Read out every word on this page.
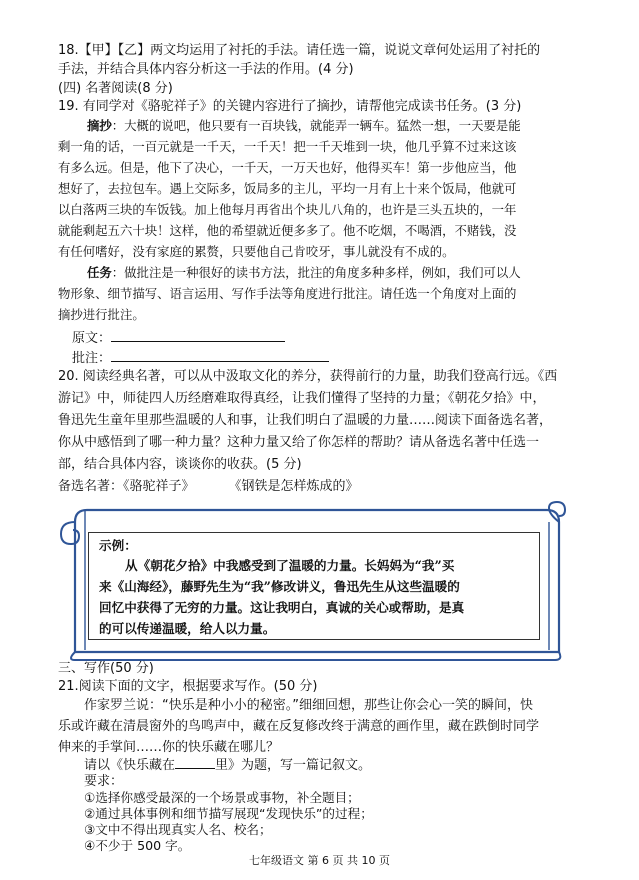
18.【甲】【乙】两文均运用了衬托的手法。请任选一篇，说说文章何处运用了衬托的
手法，并结合具体内容分析这一手法的作用。(4 分)
(四) 名著阅读(8 分)
19. 有同学对《骆驼祥子》的关键内容进行了摘抄，请帮他完成读书任务。(3 分)
摘抄：大概的说吧，他只要有一百块钱，就能弄一辆车。猛然一想，一天要是能
剩一角的话，一百元就是一千天，一千天！把一千天堆到一块，他几乎算不过来这该
有多么远。但是，他下了决心，一千天，一万天也好，他得买车！第一步他应当，他
想好了，去拉包车。遇上交际多，饭局多的主儿，平均一月有上十来个饭局，他就可
以白落两三块的车饭钱。加上他每月再省出个块儿八角的，也许是三头五块的，一年
就能剩起五六十块！这样，他的希望就近便多多了。他不吃烟，不喝酒，不赌钱，没
有任何嗜好，没有家庭的累赘，只要他自己肯咬牙，事儿就没有不成的。
任务：做批注是一种很好的读书方法，批注的角度多种多样，例如，我们可以人
物形象、细节描写、语言运用、写作手法等角度进行批注。请任选一个角度对上面的
摘抄进行批注。
原文：
批注：
20. 阅读经典名著，可以从中汲取文化的养分，获得前行的力量，助我们登高行远。《西
游记》中，师徒四人历经磨难取得真经，让我们懂得了坚持的力量；《朝花夕拾》中，
鲁迅先生童年里那些温暖的人和事，让我们明白了温暖的力量……阅读下面备选名著，
你从中感悟到了哪一种力量？这种力量又给了你怎样的帮助？请从备选名著中任选一
部，结合具体内容，谈谈你的收获。(5 分)
备选名著：《骆驼祥子》	《钢铁是怎样炼成的》
示例：
从《朝花夕拾》中我感受到了温暖的力量。长妈妈为“我”买
来《山海经》，藤野先生为“我”修改讲义，鲁迅先生从这些温暖的
回忆中获得了无穷的力量。这让我明白，真诚的关心或帮助，是真
的可以传递温暖，给人以力量。
三、写作(50 分)
21.阅读下面的文字，根据要求写作。(50 分)
作家罗兰说：“快乐是种小小的秘密。”细细回想，那些让你会心一笑的瞬间，快
乐或许藏在清晨窗外的鸟鸣声中，藏在反复修改终于满意的画作里，藏在跌倒时同学
伸来的手掌间……你的快乐藏在哪儿？
请以《快乐藏在	里》为题，写一篇记叙文。
要求：
①选择你感受最深的一个场景或事物，补全题目；
②通过具体事例和细节描写展现“发现快乐”的过程；
七年级语文 第 6 页 共 10 页
③文中不得出现真实人名、校名；
④不少于 500 字。
